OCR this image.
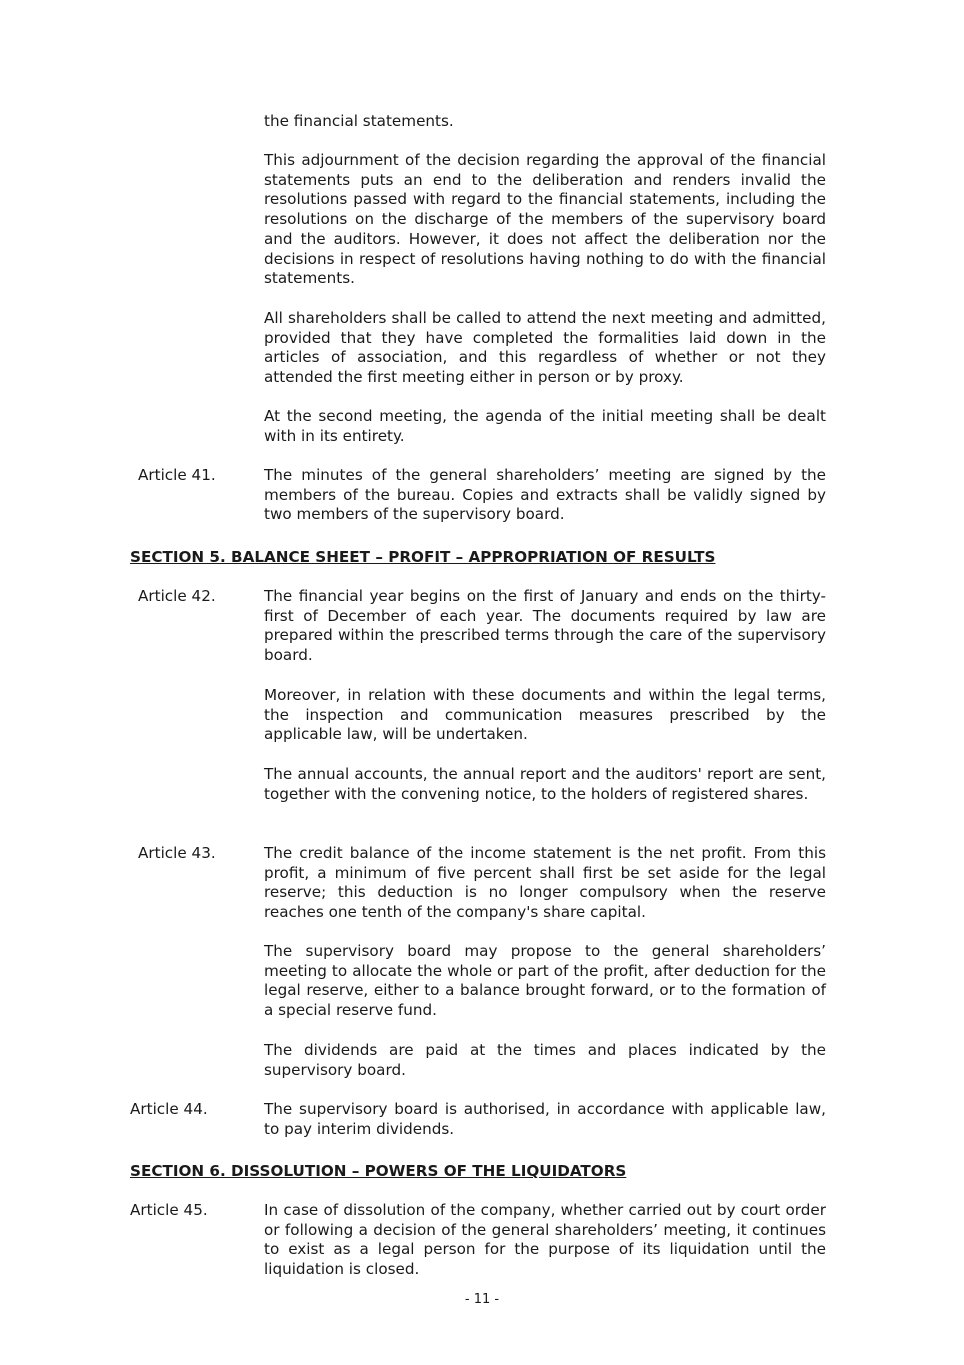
the financial statements.

This adjournment of the decision regarding the approval of the financial statements puts an end to the deliberation and renders invalid the resolutions passed with regard to the financial statements, including the resolutions on the discharge of the members of the supervisory board and the auditors. However, it does not affect the deliberation nor the decisions in respect of resolutions having nothing to do with the financial statements.

All shareholders shall be called to attend the next meeting and admitted, provided that they have completed the formalities laid down in the articles of association, and this regardless of whether or not they attended the first meeting either in person or by proxy.

At the second meeting, the agenda of the initial meeting shall be dealt with in its entirety.

Article 41.	The minutes of the general shareholders’ meeting are signed by the members of the bureau. Copies and extracts shall be validly signed by two members of the supervisory board.

SECTION 5. BALANCE SHEET – PROFIT – APPROPRIATION OF RESULTS

Article 42.	The financial year begins on the first of January and ends on the thirty-first of December of each year. The documents required by law are prepared within the prescribed terms through the care of the supervisory board.

Moreover, in relation with these documents and within the legal terms, the inspection and communication measures prescribed by the applicable law, will be undertaken.

The annual accounts, the annual report and the auditors' report are sent, together with the convening notice, to the holders of registered shares.

Article 43.	The credit balance of the income statement is the net profit. From this profit, a minimum of five percent shall first be set aside for the legal reserve; this deduction is no longer compulsory when the reserve reaches one tenth of the company's share capital.

The supervisory board may propose to the general shareholders’ meeting to allocate the whole or part of the profit, after deduction for the legal reserve, either to a balance brought forward, or to the formation of a special reserve fund.

The dividends are paid at the times and places indicated by the supervisory board.

Article 44.	The supervisory board is authorised, in accordance with applicable law, to pay interim dividends.

SECTION 6. DISSOLUTION – POWERS OF THE LIQUIDATORS

Article 45.	In case of dissolution of the company, whether carried out by court order or following a decision of the general shareholders’ meeting, it continues to exist as a legal person for the purpose of its liquidation until the liquidation is closed.

- 11 -
